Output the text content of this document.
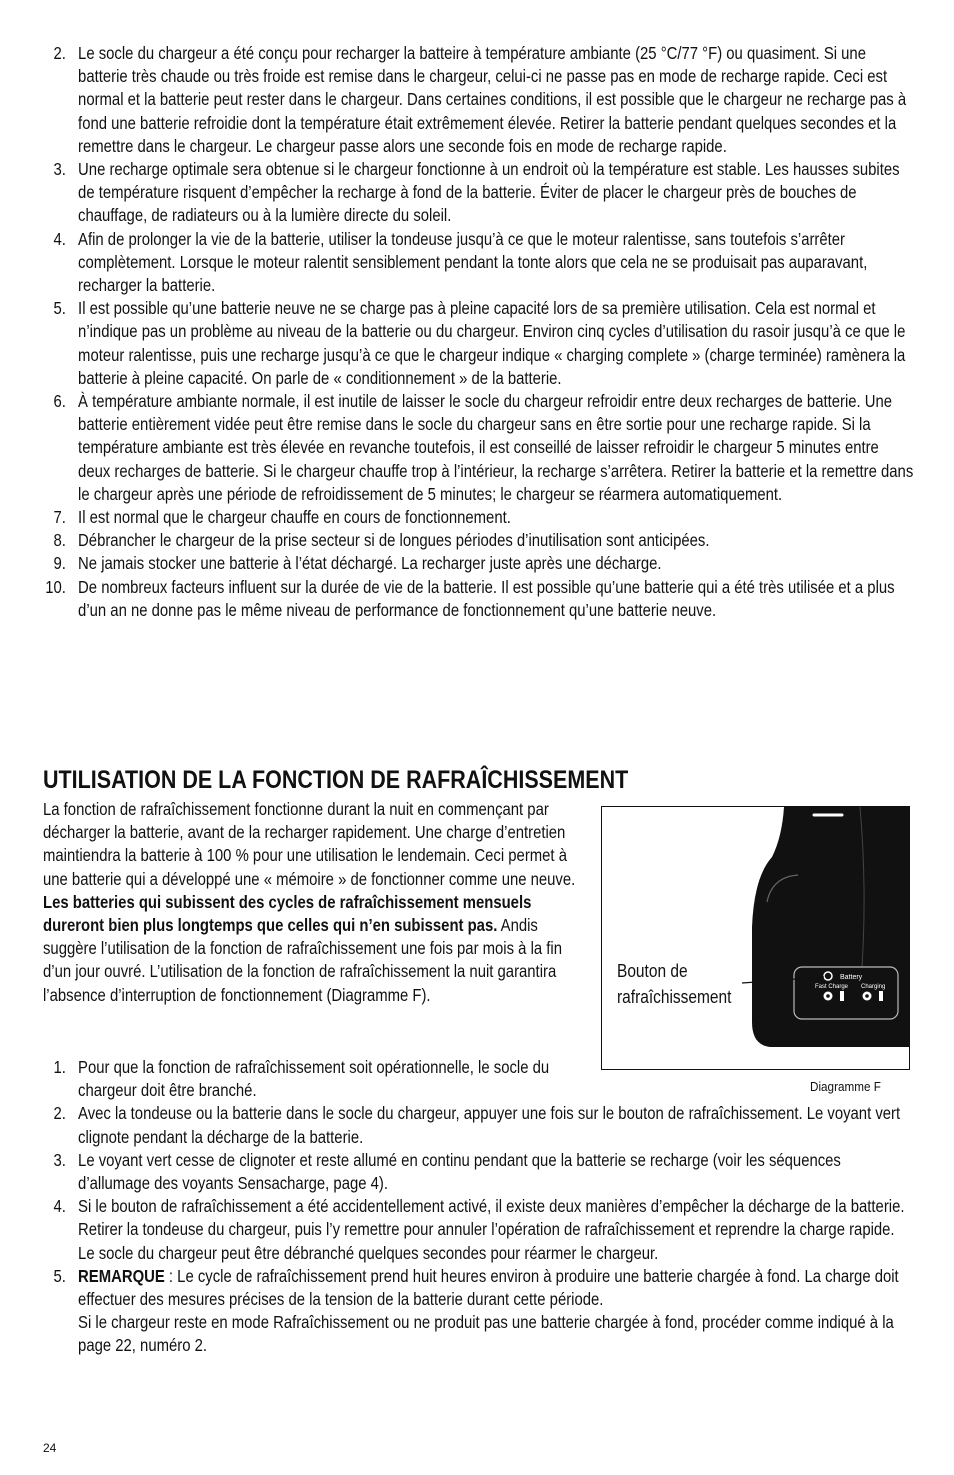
2. Le socle du chargeur a été conçu pour recharger la batteire à température ambiante (25 °C/77 °F) ou quasiment. Si une batterie très chaude ou très froide est remise dans le chargeur, celui-ci ne passe pas en mode de recharge rapide. Ceci est normal et la batterie peut rester dans le chargeur. Dans certaines conditions, il est possible que le chargeur ne recharge pas à fond une batterie refroidie dont la température était extrêmement élevée. Retirer la batterie pendant quelques secondes et la remettre dans le chargeur. Le chargeur passe alors une seconde fois en mode de recharge rapide.
3. Une recharge optimale sera obtenue si le chargeur fonctionne à un endroit où la température est stable. Les hausses subites de température risquent d’empêcher la recharge à fond de la batterie. Éviter de placer le chargeur près de bouches de chauffage, de radiateurs ou à la lumière directe du soleil.
4. Afin de prolonger la vie de la batterie, utiliser la tondeuse jusqu’à ce que le moteur ralentisse, sans toutefois s’arrêter complètement. Lorsque le moteur ralentit sensiblement pendant la tonte alors que cela ne se produisait pas auparavant, recharger la batterie.
5. Il est possible qu’une batterie neuve ne se charge pas à pleine capacité lors de sa première utilisation. Cela est normal et n’indique pas un problème au niveau de la batterie ou du chargeur. Environ cinq cycles d’utilisation du rasoir jusqu’à ce que le moteur ralentisse, puis une recharge jusqu’à ce que le chargeur indique « charging complete » (charge terminée) ramènera la batterie à pleine capacité. On parle de « conditionnement » de la batterie.
6. À température ambiante normale, il est inutile de laisser le socle du chargeur refroidir entre deux recharges de batterie. Une batterie entièrement vidée peut être remise dans le socle du chargeur sans en être sortie pour une recharge rapide. Si la température ambiante est très élevée en revanche toutefois, il est conseillé de laisser refroidir le chargeur 5 minutes entre deux recharges de batterie. Si le chargeur chauffe trop à l’intérieur, la recharge s’arrêtera. Retirer la batterie et la remettre dans le chargeur après une période de refroidissement de 5 minutes; le chargeur se réarmera automatiquement.
7. Il est normal que le chargeur chauffe en cours de fonctionnement.
8. Débrancher le chargeur de la prise secteur si de longues périodes d’inutilisation sont anticipées.
9. Ne jamais stocker une batterie à l’état déchargé. La recharger juste après une décharge.
10. De nombreux facteurs influent sur la durée de vie de la batterie. Il est possible qu’une batterie qui a été très utilisée et a plus d’un an ne donne pas le même niveau de performance de fonctionnement qu’une batterie neuve.
UTILISATION DE LA FONCTION DE RAFRAÎCHISSEMENT

La fonction de rafraîchissement fonctionne durant la nuit en commençant par décharger la batterie, avant de la recharger rapidement. Une charge d’entretien maintiendra la batterie à 100 % pour une utilisation le lendemain. Ceci permet à une batterie qui a développé une « mémoire » de fonctionner comme une neuve.
Les batteries qui subissent des cycles de rafraîchissement mensuels dureront bien plus longtemps que celles qui n’en subissent pas. Andis suggère l’utilisation de la fonction de rafraîchissement une fois par mois à la fin d’un jour ouvré. L’utilisation de la fonction de rafraîchissement la nuit garantira l’absence d’interruption de fonctionnement (Diagramme F).

1. Pour que la fonction de rafraîchissement soit opérationnelle, le socle du chargeur doit être branché.
2. Avec la tondeuse ou la batterie dans le socle du chargeur, appuyer une fois sur le bouton de rafraîchissement. Le voyant vert clignote pendant la décharge de la batterie.
3. Le voyant vert cesse de clignoter et reste allumé en continu pendant que la batterie se recharge (voir les séquences d’allumage des voyants Sensacharge, page 4).
4. Si le bouton de rafraîchissement a été accidentellement activé, il existe deux manières d’empêcher la décharge de la batterie. Retirer la tondeuse du chargeur, puis l’y remettre pour annuler l’opération de rafraîchissement et reprendre la charge rapide. Le socle du chargeur peut être débranché quelques secondes pour réarmer le chargeur.
5. REMARQUE : Le cycle de rafraîchissement prend huit heures environ à produire une batterie chargée à fond. La charge doit effectuer des mesures précises de la tension de la batterie durant cette période.
Si le chargeur reste en mode Rafraîchissement ou ne produit pas une batterie chargée à fond, procéder comme indiqué à la page 22, numéro 2.
Battery
Fast Charge Charging
Bouton de rafraîchissement
Diagramme F
24
